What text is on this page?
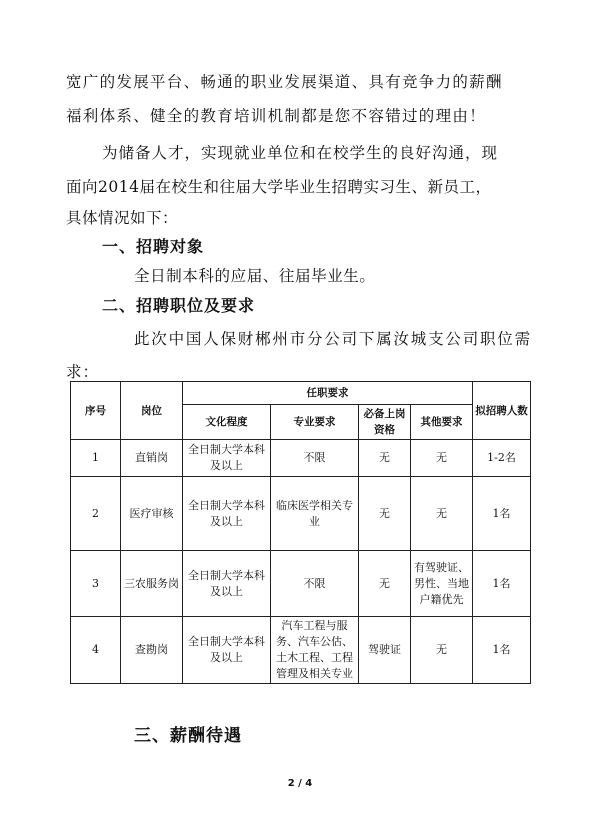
宽广的发展平台、畅通的职业发展渠道、具有竞争力的薪酬
福利体系、健全的教育培训机制都是您不容错过的理由！
为储备人才，实现就业单位和在校学生的良好沟通，现
面向2014届在校生和往届大学毕业生招聘实习生、新员工，
具体情况如下：
一、招聘对象
全日制本科的应届、往届毕业生。
二、招聘职位及要求
此次中国人保财郴州市分公司下属汝城支公司职位需
求：
序号	岗位	任职要求				拟招聘人数
		文化程度	专业要求	必备上岗资格	其他要求	
1	直销岗	全日制大学本科及以上	不限	无	无	1-2名
2	医疗审核	全日制大学本科及以上	临床医学相关专业	无	无	1名
3	三农服务岗	全日制大学本科及以上	不限	无	有驾驶证、男性、当地户籍优先	1名
4	查勘岗	全日制大学本科及以上	汽车工程与服务、汽车公估、土木工程、工程管理及相关专业	驾驶证	无	1名
三、薪酬待遇
2 / 4
